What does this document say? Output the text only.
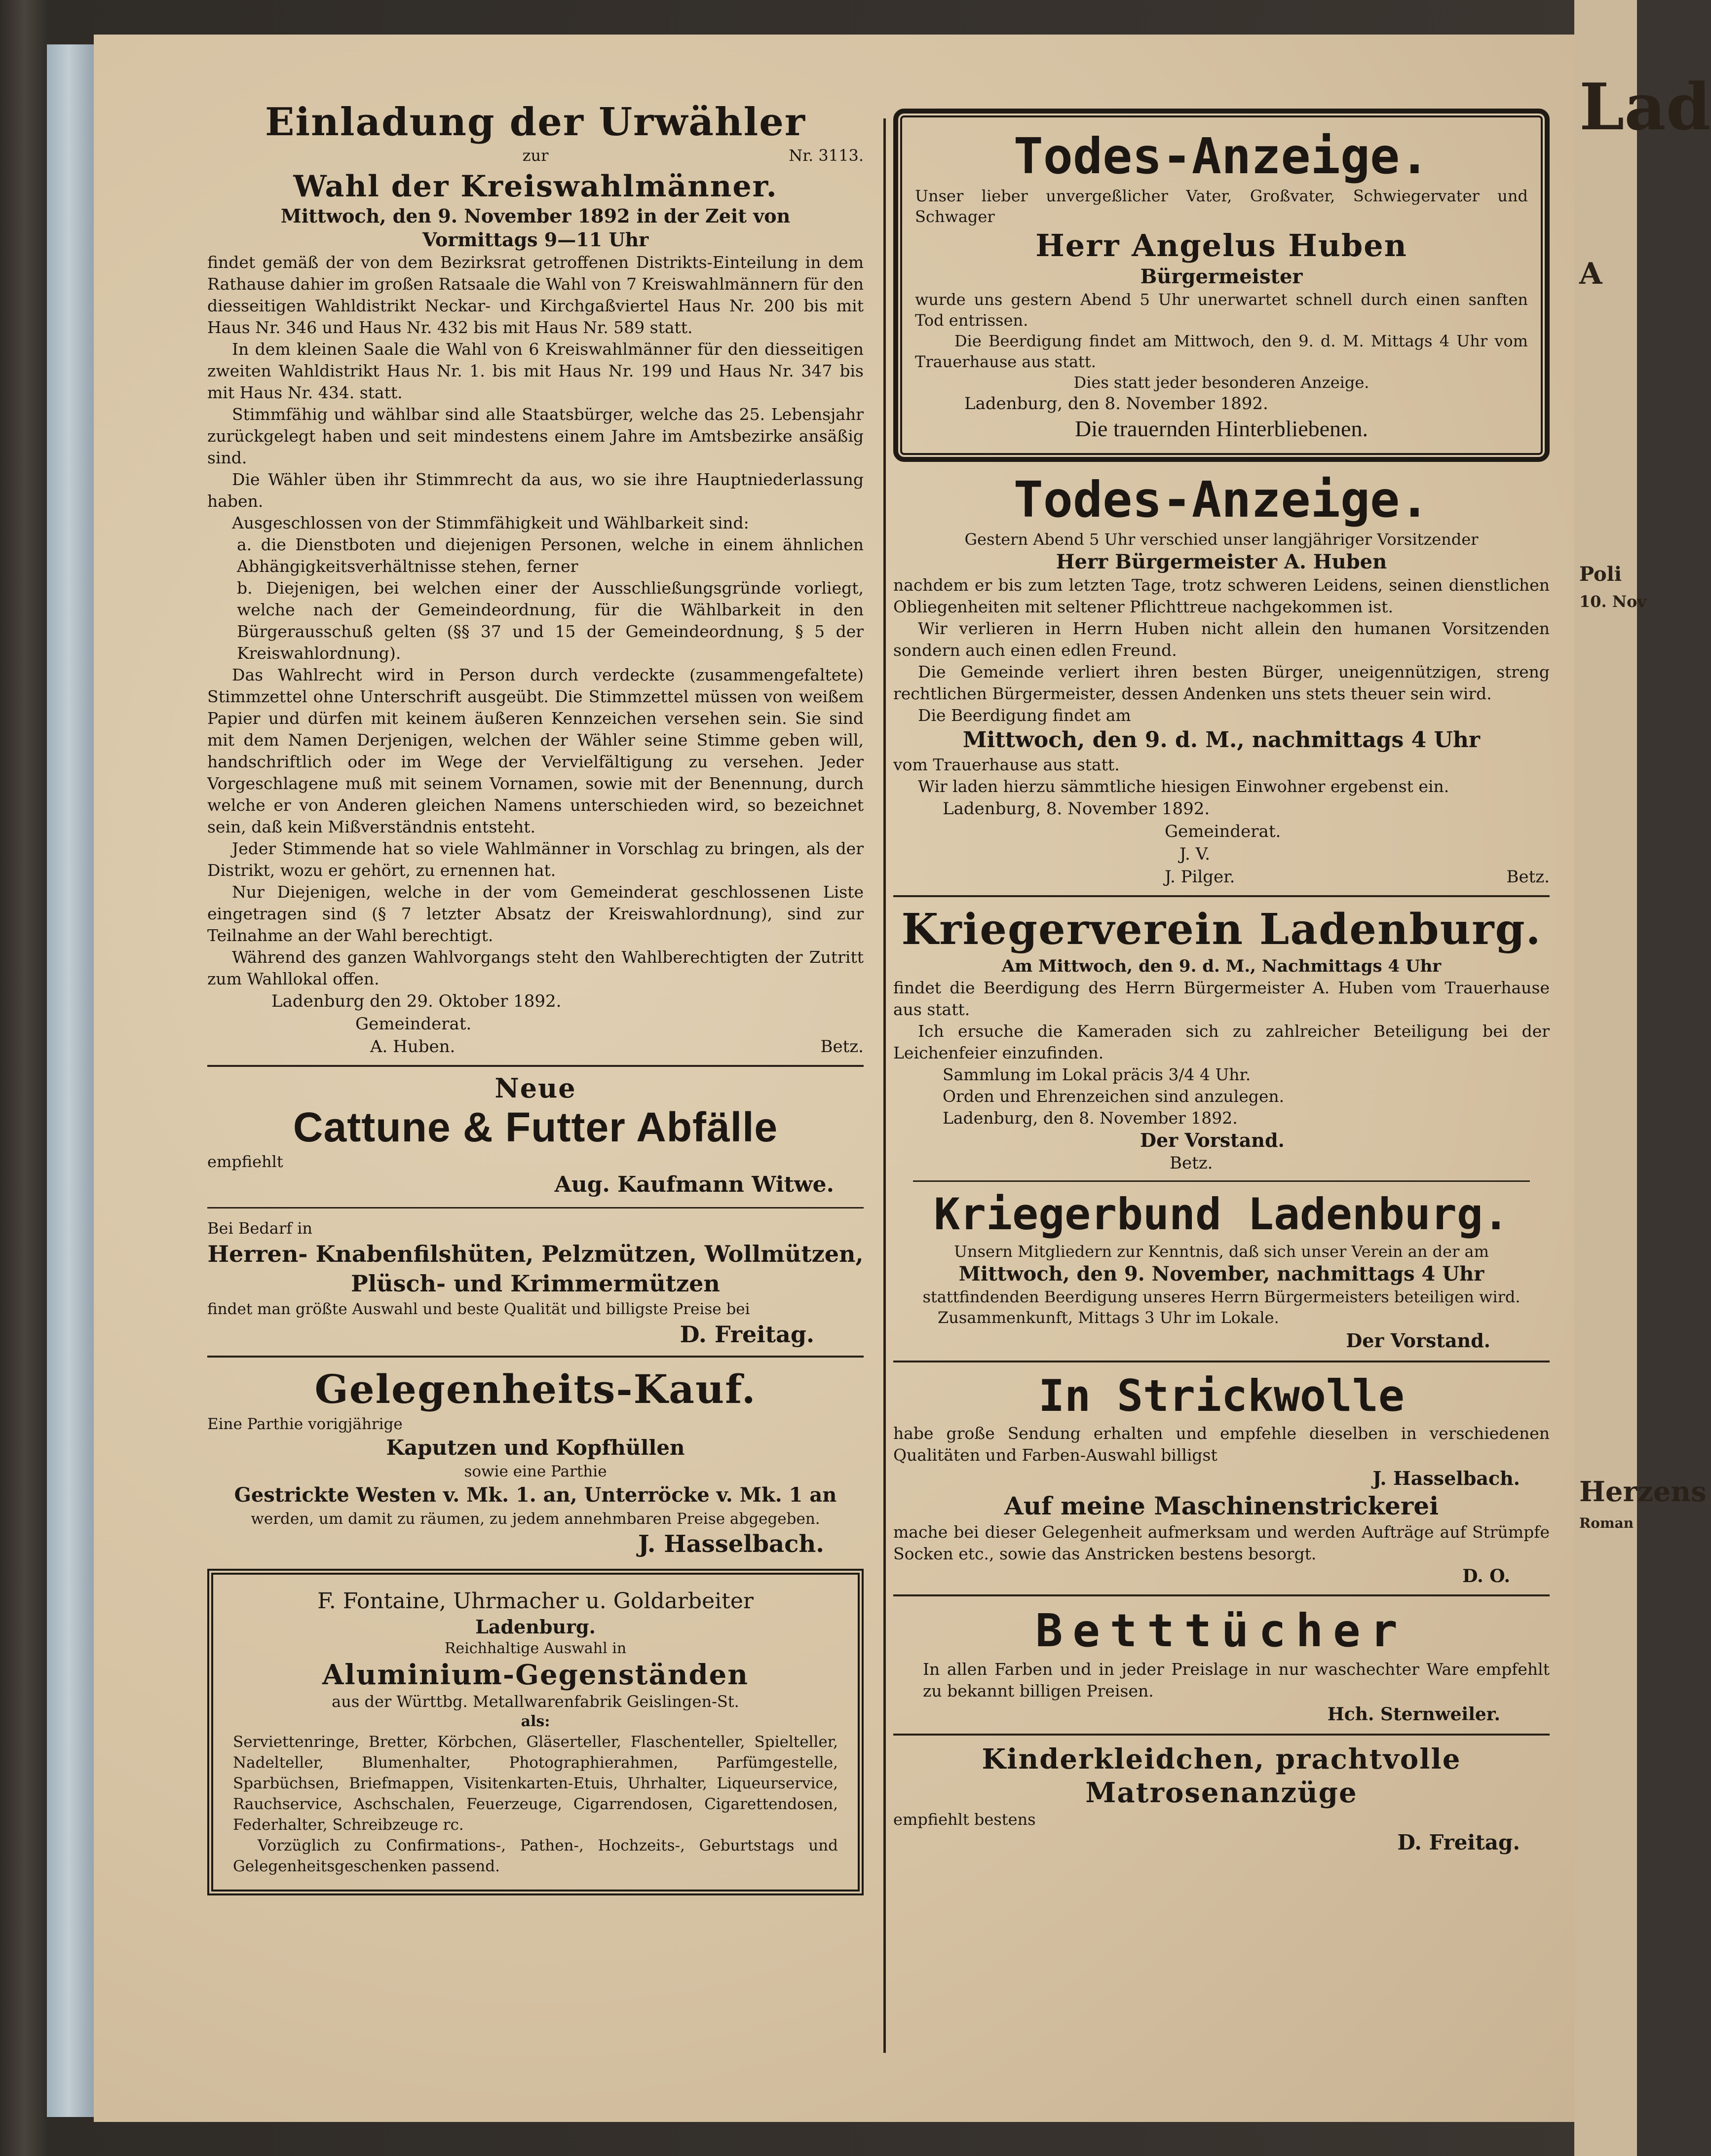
Lad
A
Poli
10. Nov
Herzens
Roman
Einladung der Urwähler
zur	Nr. 3113.
Wahl der Kreiswahlmänner.
Mittwoch, den 9. November 1892 in der Zeit von
Vormittags 9—11 Uhr

findet gemäß der von dem Bezirksrat getroffenen Distrikts-Einteilung in dem Rathause dahier im großen Ratsaale die Wahl von 7 Kreiswahlmännern für den diesseitigen Wahldistrikt Neckar- und Kirchgaßviertel Haus Nr. 200 bis mit Haus Nr. 346 und Haus Nr. 432 bis mit Haus Nr. 589 statt.

In dem kleinen Saale die Wahl von 6 Kreiswahlmänner für den diesseitigen zweiten Wahldistrikt Haus Nr. 1. bis mit Haus Nr. 199 und Haus Nr. 347 bis mit Haus Nr. 434. statt.

Stimmfähig und wählbar sind alle Staatsbürger, welche das 25. Lebensjahr zurückgelegt haben und seit mindestens einem Jahre im Amtsbezirke ansäßig sind.

Die Wähler üben ihr Stimmrecht da aus, wo sie ihre Hauptniederlassung haben.

Ausgeschlossen von der Stimmfähigkeit und Wählbarkeit sind:

a. die Dienstboten und diejenigen Personen, welche in einem ähnlichen Abhängigkeitsverhältnisse stehen, ferner
b. Diejenigen, bei welchen einer der Ausschließungsgründe vorliegt, welche nach der Gemeindeordnung, für die Wählbarkeit in den Bürgerausschuß gelten (§§ 37 und 15 der Gemeindeordnung, § 5 der Kreiswahlordnung).

Das Wahlrecht wird in Person durch verdeckte (zusammengefaltete) Stimmzettel ohne Unterschrift ausgeübt. Die Stimmzettel müssen von weißem Papier und dürfen mit keinem äußeren Kennzeichen versehen sein. Sie sind mit dem Namen Derjenigen, welchen der Wähler seine Stimme geben will, handschriftlich oder im Wege der Vervielfältigung zu versehen. Jeder Vorgeschlagene muß mit seinem Vornamen, sowie mit der Benennung, durch welche er von Anderen gleichen Namens unterschieden wird, so bezeichnet sein, daß kein Mißverständnis entsteht.

Jeder Stimmende hat so viele Wahlmänner in Vorschlag zu bringen, als der Distrikt, wozu er gehört, zu ernennen hat.

Nur Diejenigen, welche in der vom Gemeinderat geschlossenen Liste eingetragen sind (§ 7 letzter Absatz der Kreiswahlordnung), sind zur Teilnahme an der Wahl berechtigt.

Während des ganzen Wahlvorgangs steht den Wahlberechtigten der Zutritt zum Wahllokal offen.

Ladenburg den 29. Oktober 1892.
Gemeinderat.
A. Huben.	Betz.
Neue
Cattune & Futter Abfälle
empfiehlt
Aug. Kaufmann Witwe.
Bei Bedarf in
Herren- Knabenfilshüten, Pelzmützen, Wollmützen,
Plüsch- und Krimmermützen
findet man größte Auswahl und beste Qualität und billigste Preise bei
D. Freitag.
Gelegenheits-Kauf.
Eine Parthie vorigjährige
Kaputzen und Kopfhüllen
sowie eine Parthie
Gestrickte Westen v. Mk. 1. an, Unterröcke v. Mk. 1 an
werden, um damit zu räumen, zu jedem annehmbaren Preise abgegeben.
J. Hasselbach.
F. Fontaine, Uhrmacher u. Goldarbeiter
Ladenburg.
Reichhaltige Auswahl in
Aluminium-Gegenständen
aus der Württbg. Metallwarenfabrik Geislingen-St.
als:
Serviettenringe, Bretter, Körbchen, Gläserteller, Flaschenteller, Spielteller, Nadelteller, Blumenhalter, Photographierahmen, Parfümgestelle, Sparbüchsen, Briefmappen, Visitenkarten-Etuis, Uhrhalter, Liqueurservice, Rauchservice, Aschschalen, Feuerzeuge, Cigarrendosen, Cigarettendosen, Federhalter, Schreibzeuge rc.
Vorzüglich zu Confirmations-, Pathen-, Hochzeits-, Geburtstags und Gelegenheitsgeschenken passend.
Todes-Anzeige.
Unser lieber unvergeßlicher Vater, Großvater, Schwiegervater und Schwager
Herr Angelus Huben
Bürgermeister
wurde uns gestern Abend 5 Uhr unerwartet schnell durch einen sanften Tod entrissen.
Die Beerdigung findet am Mittwoch, den 9. d. M. Mittags 4 Uhr vom Trauerhause aus statt.
Dies statt jeder besonderen Anzeige.
Ladenburg, den 8. November 1892.
Die trauernden Hinterbliebenen.
Todes-Anzeige.
Gestern Abend 5 Uhr verschied unser langjähriger Vorsitzender
Herr Bürgermeister A. Huben

nachdem er bis zum letzten Tage, trotz schweren Leidens, seinen dienstlichen Obliegenheiten mit seltener Pflichttreue nachgekommen ist.

Wir verlieren in Herrn Huben nicht allein den humanen Vorsitzenden sondern auch einen edlen Freund.

Die Gemeinde verliert ihren besten Bürger, uneigennützigen, streng rechtlichen Bürgermeister, dessen Andenken uns stets theuer sein wird.

Die Beerdigung findet am

Mittwoch, den 9. d. M., nachmittags 4 Uhr

vom Trauerhause aus statt.

Wir laden hierzu sämmtliche hiesigen Einwohner ergebenst ein.

Ladenburg, 8. November 1892.
Gemeinderat.
J. V.
J. Pilger.	Betz.
Kriegerverein Ladenburg.
Am Mittwoch, den 9. d. M., Nachmittags 4 Uhr
findet die Beerdigung des Herrn Bürgermeister A. Huben vom Trauerhause aus statt.
Ich ersuche die Kameraden sich zu zahlreicher Beteiligung bei der Leichenfeier einzufinden.
Sammlung im Lokal präcis 3/4 4 Uhr.
Orden und Ehrenzeichen sind anzulegen.
Ladenburg, den 8. November 1892.
Der Vorstand.
Betz.
Kriegerbund Ladenburg.
Unsern Mitgliedern zur Kenntnis, daß sich unser Verein an der am
Mittwoch, den 9. November, nachmittags 4 Uhr
stattfindenden Beerdigung unseres Herrn Bürgermeisters beteiligen wird.
Zusammenkunft, Mittags 3 Uhr im Lokale.
Der Vorstand.
In Strickwolle
habe große Sendung erhalten und empfehle dieselben in verschiedenen Qualitäten und Farben-Auswahl billigst
J. Hasselbach.
Auf meine Maschinenstrickerei
mache bei dieser Gelegenheit aufmerksam und werden Aufträge auf Strümpfe Socken etc., sowie das Anstricken bestens besorgt.
D. O.
Betttücher
In allen Farben und in jeder Preislage in nur waschechter Ware empfehlt zu bekannt billigen Preisen.
Hch. Sternweiler.
Kinderkleidchen, prachtvolle Matrosenanzüge
empfiehlt bestens
D. Freitag.
